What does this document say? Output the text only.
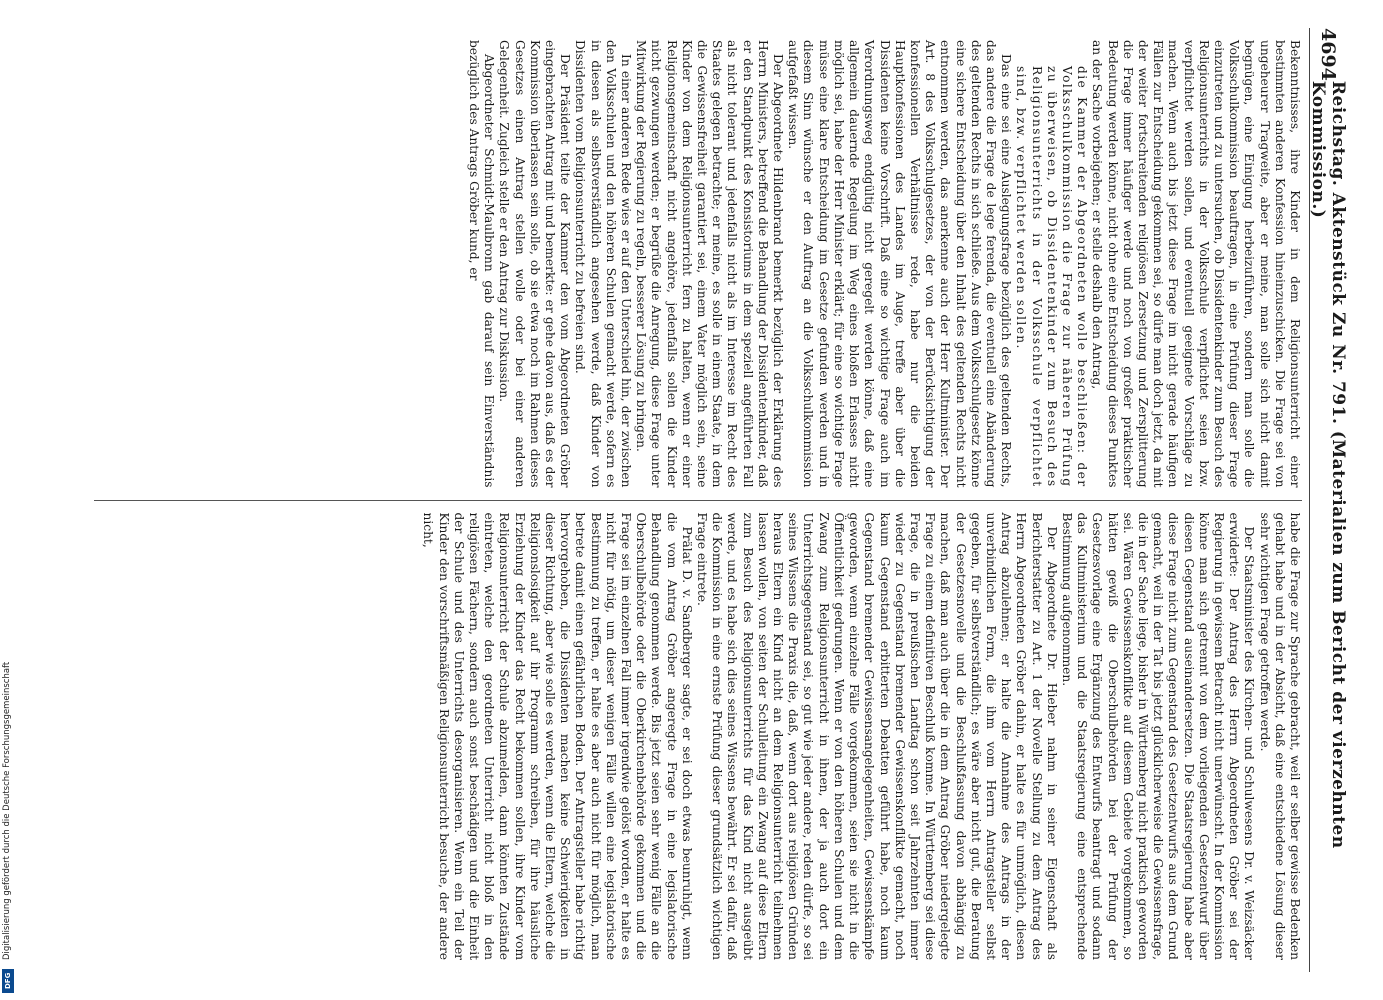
Digitalisierung gefördert durch die Deutsche Forschungsgemeinschaft
DFG
4694
Reichstag. Aktenstück Zu Nr. 791. (Materialien zum Bericht der vierzehnten Kommission.)

Bekenntnisses, ihre Kinder in dem Religionsunterricht einer bestimmten anderen Konfession hineinzuschicken. Die Frage sei von ungeheurer Tragweite, aber er meine, man solle sich nicht damit begnügen, eine Einigung herbeizuführen, sondern man solle die Volksschulkommission beauftragen, in eine Prüfung dieser Frage einzutreten und zu untersuchen, ob Dissidentenkinder zum Besuch des Religionsunterrichts in der Volksschule verpflichtet seien bzw. verpflichtet werden sollen, und eventuell geeignete Vorschläge zu machen. Wenn auch bis jetzt diese Frage im nicht gerade häufigen Fällen zur Entscheidung gekommen sei, so dürfe man doch jetzt, da mit der weiter fortschreitenden religiösen Zersetzung und Zersplitterung die Frage immer häufiger werde und noch von großer praktischer Bedeutung werden könne, nicht ohne eine Entscheidung dieses Punktes an der Sache vorbeigehen; er stelle deshalb den Antrag,

die Kammer der Abgeordneten wolle beschließen: der Volksschulkommission die Frage zur näheren Prüfung zu überweisen, ob Dissidentenkinder zum Besuch des Religionsunterrichts in der Volksschule verpflichtet sind, bzw. verpflichtet werden sollen.

Das eine sei eine Auslegungsfrage bezüglich des geltenden Rechts, das andere die Frage de lege ferenda, die eventuell eine Abänderung des geltenden Rechts in sich schließe. Aus dem Volksschulgesetz könne eine sichere Entscheidung über den Inhalt des geltenden Rechts nicht entnommen werden, das anerkenne auch der Herr Kultminister. Der Art. 8 des Volksschulgesetzes, der von der Berücksichtigung der konfessionellen Verhältnisse rede, habe nur die beiden Hauptkonfessionen des Landes im Auge, treffe aber über die Dissidenten keine Vorschrift. Daß eine so wichtige Frage auch im Verordnungsweg endgültig nicht geregelt werden könne, daß eine allgemein dauernde Regelung im Weg eines bloßen Erlasses nicht möglich sei, habe der Herr Minister erklärt; für eine so wichtige Frage müsse eine klare Entscheidung im Gesetze gefunden werden und in diesem Sinn wünsche er den Auftrag an die Volksschulkommission aufgefaßt wissen.

Der Abgeordnete Hildenbrand bemerkt bezüglich der Erklärung des Herrn Ministers, betreffend die Behandlung der Dissidentenkinder, daß er den Standpunkt des Konsistoriums in dem speziell angeführten Fall als nicht tolerant und jedenfalls nicht als im Interesse im Recht des Staates gelegen betrachte; er meine, es solle in einem Staate, in dem die Gewissensfreiheit garantiert sei, einem Vater möglich sein, seine Kinder von dem Religionsunterricht fern zu halten, wenn er einer Religionsgemeinschaft nicht angehöre, jedenfalls sollen die Kinder nicht gezwungen werden; er begrüße die Anregung, diese Frage unter Mitwirkung der Regierung zu regeln, besserer Lösung zu bringen.

In einer anderen Rede wies er auf den Unterschied hin, der zwischen den Volksschulen und den höheren Schulen gemacht werde, sofern es in diesen als selbstverständlich angesehen werde, daß Kinder von Dissidenten vom Religionsunterricht zu befreien sind.

Der Präsident teilte der Kammer den vom Abgeordneten Gröber eingebrachten Antrag mit und bemerkte: er gehe davon aus, daß es der Kommission überlassen sein solle, ob sie etwa noch im Rahmen dieses Gesetzes einen Antrag stellen wolle oder bei einer anderen Gelegenheit. Zugleich stelle er den Antrag zur Diskussion.

Abgeordneter Schmidt-Maulbronn gab darauf sein Einverständnis bezüglich des Antrags Gröber kund, er

habe die Frage zur Sprache gebracht, weil er selber gewisse Bedenken gehabt habe und in der Absicht, daß eine entschiedene Lösung dieser sehr wichtigen Frage getroffen werde.

Der Staatsminister des Kirchen- und Schulwesens Dr. v. Weizsäcker erwiderte: Der Antrag des Herrn Abgeordneten Gröber sei der Regierung in gewissem Betracht nicht unerwünscht. In der Kommission könne man sich getrennt von dem vorliegenden Gesetzentwurf über diesen Gegenstand auseinandersetzen. Die Staatsregierung habe aber diese Frage nicht zum Gegenstand des Gesetzentwurfs aus dem Grund gemacht, weil in der Tat bis jetzt glücklicherweise die Gewissensfrage, die in der Sache liege, bisher in Württemberg nicht praktisch geworden sei. Wären Gewissenskonflikte auf diesem Gebiete vorgekommen, so hätten gewiß die Oberschulbehörden bei der Prüfung der Gesetzesvorlage eine Ergänzung des Entwurfs beantragt und sodann das Kultministerium und die Staatsregierung eine entsprechende Bestimmung aufgenommen.

Der Abgeordnete Dr. Hieber nahm in seiner Eigenschaft als Berichterstatter zu Art. 1 der Novelle Stellung zu dem Antrag des Herrn Abgeordneten Gröber dahin, er halte es für unmöglich, diesen Antrag abzulehnen; er halte die Annahme des Antrags in der unverbindlichen Form, die ihm vom Herrn Antragsteller selbst gegeben, für selbstverständlich; es wäre aber nicht gut, die Beratung der Gesetzesnovelle und die Beschlußfassung davon abhängig zu machen, daß man auch über die in dem Antrag Gröber niedergelegte Frage zu einem definitiven Beschluß komme. In Württemberg sei diese Frage, die in preußischen Landtag schon seit Jahrzehnten immer wieder zu Gegenstand bremender Gewissenskonflikte gemacht, noch kaum Gegenstand erbitterten Debatten geführt habe, noch kaum Gegenstand bremender Gewissensangelegenheiten, Gewissenskämpfe geworden, wenn einzelne Fälle vorgekommen, seien sie nicht in die Öffentlichkeit gedrungen. Wenn er von den höheren Schulen und dem Zwang zum Religionsunterricht in ihnen, der ja auch dort ein Unterrichtsgegenstand sei, so gut wie jeder andere, reden dürfe, so sei seines Wissens die Praxis die, daß, wenn dort aus religiösen Gründen heraus Eltern ein Kind nicht an dem Religionsunterricht teilnehmen lassen wollen, von seiten der Schulleitung ein Zwang auf diese Eltern zum Besuch des Religionsunterrichts für das Kind nicht ausgeübt werde, und es habe sich dies seines Wissens bewährt. Er sei dafür, daß die Kommission in eine ernste Prüfung dieser grundsätzlich wichtigen Frage eintrete.

Prälat D. v. Sandberger sagte, er sei doch etwas beunruhigt, wenn die vom Antrag Gröber angeregte Frage in eine legislatorische Behandlung genommen werde. Bis jetzt seien sehr wenig Fälle an die Oberschulbehörde oder die Oberkirchenbehörde gekommen und die Frage sei im einzelnen Fall immer irgendwie gelöst worden, er halte es nicht für nötig, um dieser wenigen Fälle willen eine legislatorische Bestimmung zu treffen, er halte es aber auch nicht für möglich, man betrete damit einen gefährlichen Boden. Der Antragsteller habe richtig hervorgehoben, die Dissidenten machen keine Schwierigkeiten in dieser Richtung, aber wie solle es werden, wenn die Eltern, welche die Religionslosigkeit auf ihr Programm schreiben, für ihre häusliche Erziehung der Kinder das Recht bekommen sollen, ihre Kinder vom Religionsunterricht der Schule abzumelden, dann könnten Zustände eintreten, welche den geordneten Unterricht nicht bloß in den religiösen Fächern, sondern auch sonst beschädigen und die Einheit der Schule und des Unterrichts desorganisieren. Wenn ein Teil der Kinder den vorschriftsmäßigen Religionsunterricht besuche, der andere nicht,
